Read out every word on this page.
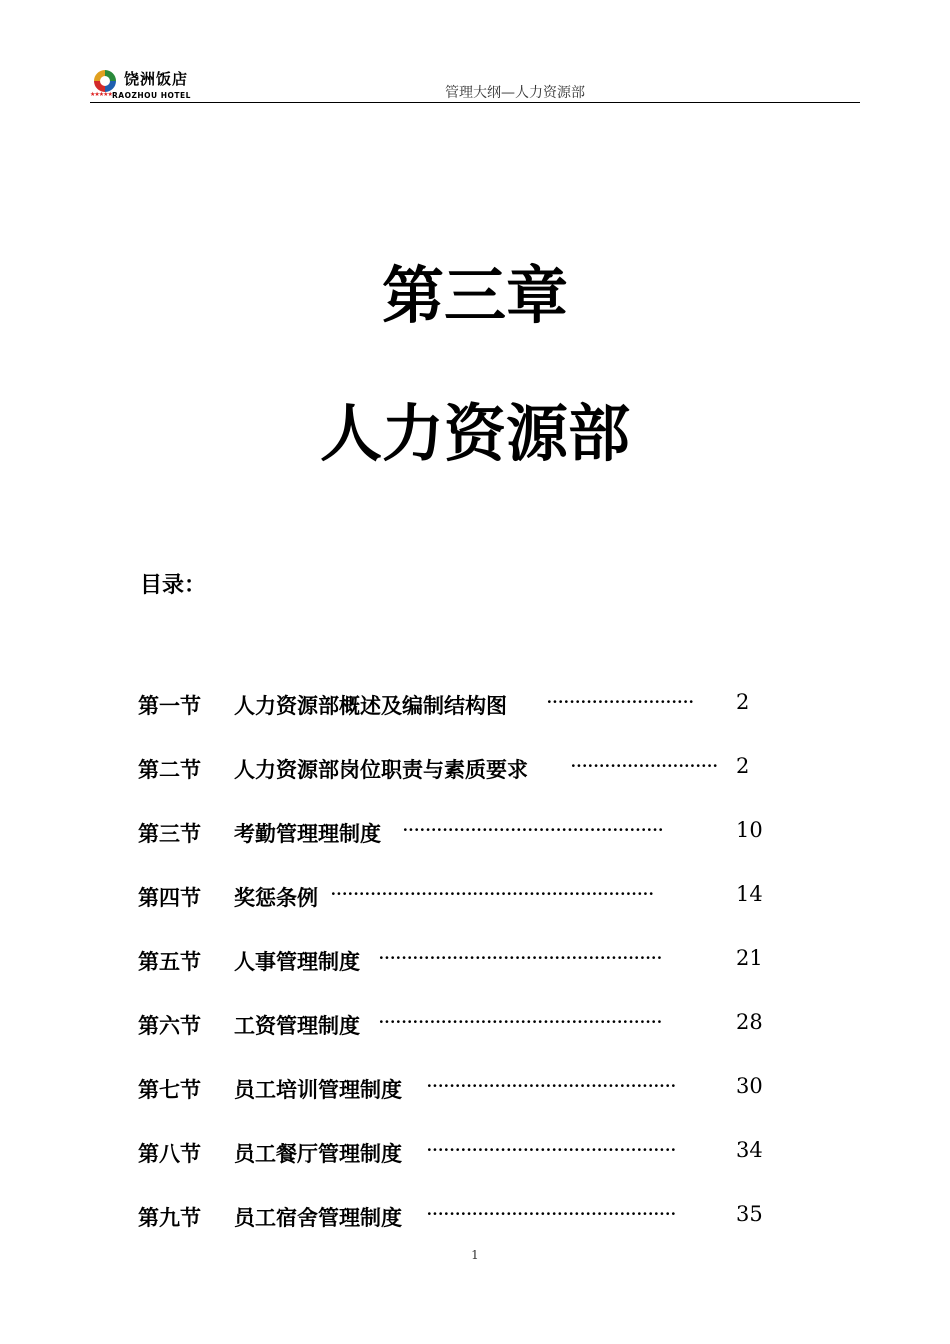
饶洲饭店
★★★★★ RAOZHOU HOTEL	管理大纲—人力资源部
第三章
人力资源部
目录：
第一节 人力资源部概述及编制结构图 ··························	2
第二节 人力资源部岗位职责与素质要求 ·························· 2
第三节 考勤管理理制度 ··············································	10
第四节 奖惩条例 ·························································	14
第五节 人事管理制度 ··················································	21
第六节 工资管理制度 ··················································	28
第七节 员工培训管理制度 ············································	30
第八节 员工餐厅管理制度 ············································	34
第九节 员工宿舍管理制度 ············································	35
1
